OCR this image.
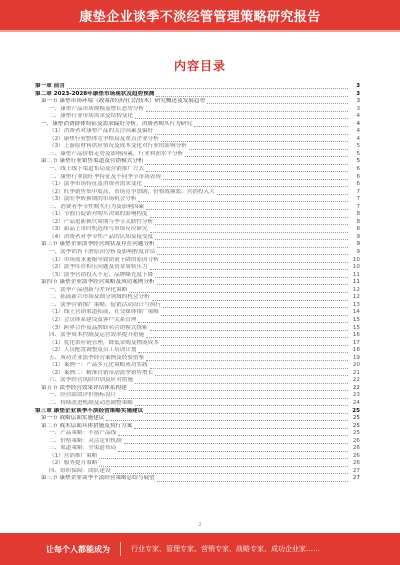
康垫企业谈季不淡经管管理策略研究报告
内容目录
第一章 前言	3
第二章 2023-2028年康垫市场现状及趋势预测	3
第一节 康垫市场环境（政策/经济/社会/技术）研究概述及发展趋势	3
一、康垫产品市场规模及增长态势分析	3
二、康垫行业市场需求及结构变化	4
一、康垫消费群体特征及需求偏好分析，消费者购买行为研究	4
（1）消费者对康垫产品的关注因素及偏好	4
（2）康垫行业整体竞争格局及重点企业分析	4
（3）上游原材料供应情况及成本变化对行业的影响分析	5
三、康垫产品价格走势及影响因素，行业利润水平分析	5
第二节 康垫行业销售渠道及营销模式分析	5
一、线上线下渠道布局及营销推广方式	6
二、康垫行业淡旺季特征及不同季节市场表现	6
（1）淡季市场特征及消费者需求变化	6
（2）旺季销售集中度高，市场竞争加剧，价格战频繁，营销投入大	7
（3）淡旺季转换期的市场机会分析	7
三、消费者季节性购买行为及影响因素	7
（1）节假日促销对购买决策的影响程度	8
（2）产品更新换代周期与季节关联性分析	8
（3）新品上市时机选择与市场反应研究	8
（4）消费者对季节性产品的认知及接受度	9
第三节 康垫企业淡季经营现状及存在问题分析	9
一、淡季销售下滑原因分析及影响程度评估	9
（1）市场需求萎缩导致销量下降的原因分析	10
（2）淡季库存积压问题及资金周转压力	10
（3）淡季营销投入不足，品牌曝光度下降	11
第四节 康垫企业淡季经营策略及成功案例分析	11
一、淡季产品创新与差异化策略	12
二、拓展新兴市场及细分领域的机会分析	12
三、淡季营销推广策略，促销活动设计与执行	13
（1）线上营销渠道拓展，社交媒体推广策略	14
（2）会员体系建设及客户关系管理	15
（3）跨界合作及品牌联名营销模式探索	15
四、淡季成本控制及运营效率提升措施	16
（1）优化供应链管理，降低采购及物流成本	17
（2）人员配置调整及员工培训计划	18
五、成功企业淡季经营案例及经验借鉴	19
（1）案例一：产品多元化策略成功实践	20
（2）案例二：精准营销带动淡季销售增长	21
六、淡季经营风险识别及应对措施	22
第五节 淡季经营效果评估体系构建	22
一、经营绩效评价指标设计	23
二、持续改进机制及动态调整策略	24
第三章 康垫企业谈季不淡经营策略实施建议	25
第一节 战略层面实施建议	25
第二节 战术层面具体措施及执行方案	25
一、产品策略：丰富产品线	25
二、价格策略：灵活定价机制	26
三、渠道策略：全渠道布局	26
（1）营销推广策略	26
（2）服务提升策略	26
四、组织保障：团队建设	27
第三节 康垫企业谈季不淡经营策略总结与展望	27
2
让每个人都能成为	行业专家、管理专家、营销专家、战略专家、成功企业家……
